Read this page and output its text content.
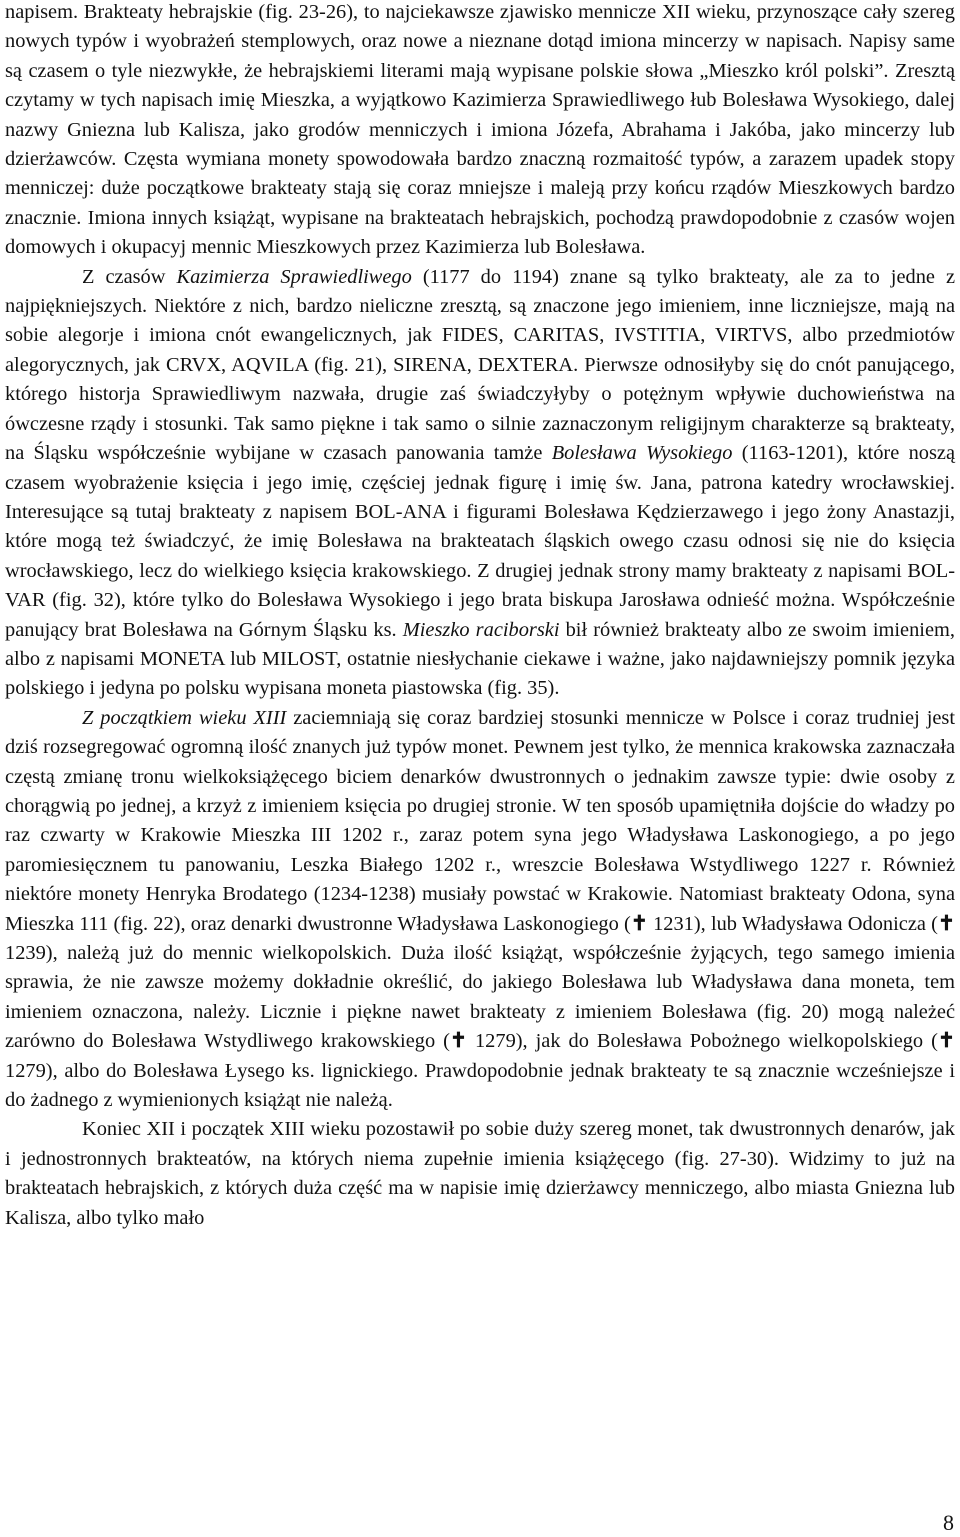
napisem. Brakteaty hebrajskie (fig. 23-26), to najciekawsze zjawisko mennicze XII wieku, przynoszące cały szereg nowych typów i wyobrażeń stemplowych, oraz nowe a nieznane dotąd imiona mincerzy w napisach. Napisy same są czasem o tyle niezwykłe, że hebrajskiemi literami mają wypisane polskie słowa „Mieszko król polski”. Zresztą czytamy w tych napisach imię Mieszka, a wyjątkowo Kazimierza Sprawiedliwego łub Bolesława Wysokiego, dalej nazwy Gniezna lub Kalisza, jako grodów menniczych i imiona Józefa, Abrahama i Jakóba, jako mincerzy lub dzierżawców. Częsta wymiana monety spowodowała bardzo znaczną rozmaitość typów, a zarazem upadek stopy menniczej: duże początkowe brakteaty stają się coraz mniejsze i maleją przy końcu rządów Mieszkowych bardzo znacznie. Imiona innych książąt, wypisane na brakteatach hebrajskich, pochodzą prawdopodobnie z czasów wojen domowych i okupacyj mennic Mieszkowych przez Kazimierza lub Bolesława.

Z czasów Kazimierza Sprawiedliwego (1177 do 1194) znane są tylko brakteaty, ale za to jedne z najpiękniejszych. Niektóre z nich, bardzo nieliczne zresztą, są znaczone jego imieniem, inne liczniejsze, mają na sobie alegorje i imiona cnót ewangelicznych, jak FIDES, CARITAS, IVSTITIA, VIRTVS, albo przedmiotów alegorycznych, jak CRVX, AQVILA (fig. 21), SIRENA, DEXTERA. Pierwsze odnosiłyby się do cnót panującego, którego historja Sprawiedliwym nazwała, drugie zaś świadczyłyby o potężnym wpływie duchowieństwa na ówczesne rządy i stosunki. Tak samo piękne i tak samo o silnie zaznaczonym religijnym charakterze są brakteaty, na Śląsku współcześnie wybijane w czasach panowania tamże Bolesława Wysokiego (1163-1201), które noszą czasem wyobrażenie księcia i jego imię, częściej jednak figurę i imię św. Jana, patrona katedry wrocławskiej. Interesujące są tutaj brakteaty z napisem BOL-ANA i figurami Bolesława Kędzierzawego i jego żony Anastazji, które mogą też świadczyć, że imię Bolesława na brakteatach śląskich owego czasu odnosi się nie do księcia wrocławskiego, lecz do wielkiego księcia krakowskiego. Z drugiej jednak strony mamy brakteaty z napisami BOL-VAR (fig. 32), które tylko do Bolesława Wysokiego i jego brata biskupa Jarosława odnieść można. Współcześnie panujący brat Bolesława na Górnym Śląsku ks. Mieszko raciborski bił również brakteaty albo ze swoim imieniem, albo z napisami MONETA lub MILOST, ostatnie niesłychanie ciekawe i ważne, jako najdawniejszy pomnik języka polskiego i jedyna po polsku wypisana moneta piastowska (fig. 35).

Z początkiem wieku XIII zaciemniają się coraz bardziej stosunki mennicze w Polsce i coraz trudniej jest dziś rozsegregować ogromną ilość znanych już typów monet. Pewnem jest tylko, że mennica krakowska zaznaczała częstą zmianę tronu wielkoksiążęcego biciem denarków dwustronnych o jednakim zawsze typie: dwie osoby z chorągwią po jednej, a krzyż z imieniem księcia po drugiej stronie. W ten sposób upamiętniła dojście do władzy po raz czwarty w Krakowie Mieszka III 1202 r., zaraz potem syna jego Władysława Laskonogiego, a po jego paromiesięcznem tu panowaniu, Leszka Białego 1202 r., wreszcie Bolesława Wstydliwego 1227 r. Również niektóre monety Henryka Brodatego (1234-1238) musiały powstać w Krakowie. Natomiast brakteaty Odona, syna Mieszka 111 (fig. 22), oraz denarki dwustronne Władysława Laskonogiego (✝ 1231), lub Władysława Odonicza (✝ 1239), należą już do mennic wielkopolskich. Duża ilość książąt, współcześnie żyjących, tego samego imienia sprawia, że nie zawsze możemy dokładnie określić, do jakiego Bolesława lub Władysława dana moneta, tem imieniem oznaczona, należy. Licznie i piękne nawet brakteaty z imieniem Bolesława (fig. 20) mogą należeć zarówno do Bolesława Wstydliwego krakowskiego (✝ 1279), jak do Bolesława Pobożnego wielkopolskiego (✝ 1279), albo do Bolesława Łysego ks. lignickiego. Prawdopodobnie jednak brakteaty te są znacznie wcześniejsze i do żadnego z wymienionych książąt nie należą.

Koniec XII i początek XIII wieku pozostawił po sobie duży szereg monet, tak dwustronnych denarów, jak i jednostronnych brakteatów, na których niema zupełnie imienia książęcego (fig. 27-30). Widzimy to już na brakteatach hebrajskich, z których duża część ma w napisie imię dzierżawcy menniczego, albo miasta Gniezna lub Kalisza, albo tylko mało

8
